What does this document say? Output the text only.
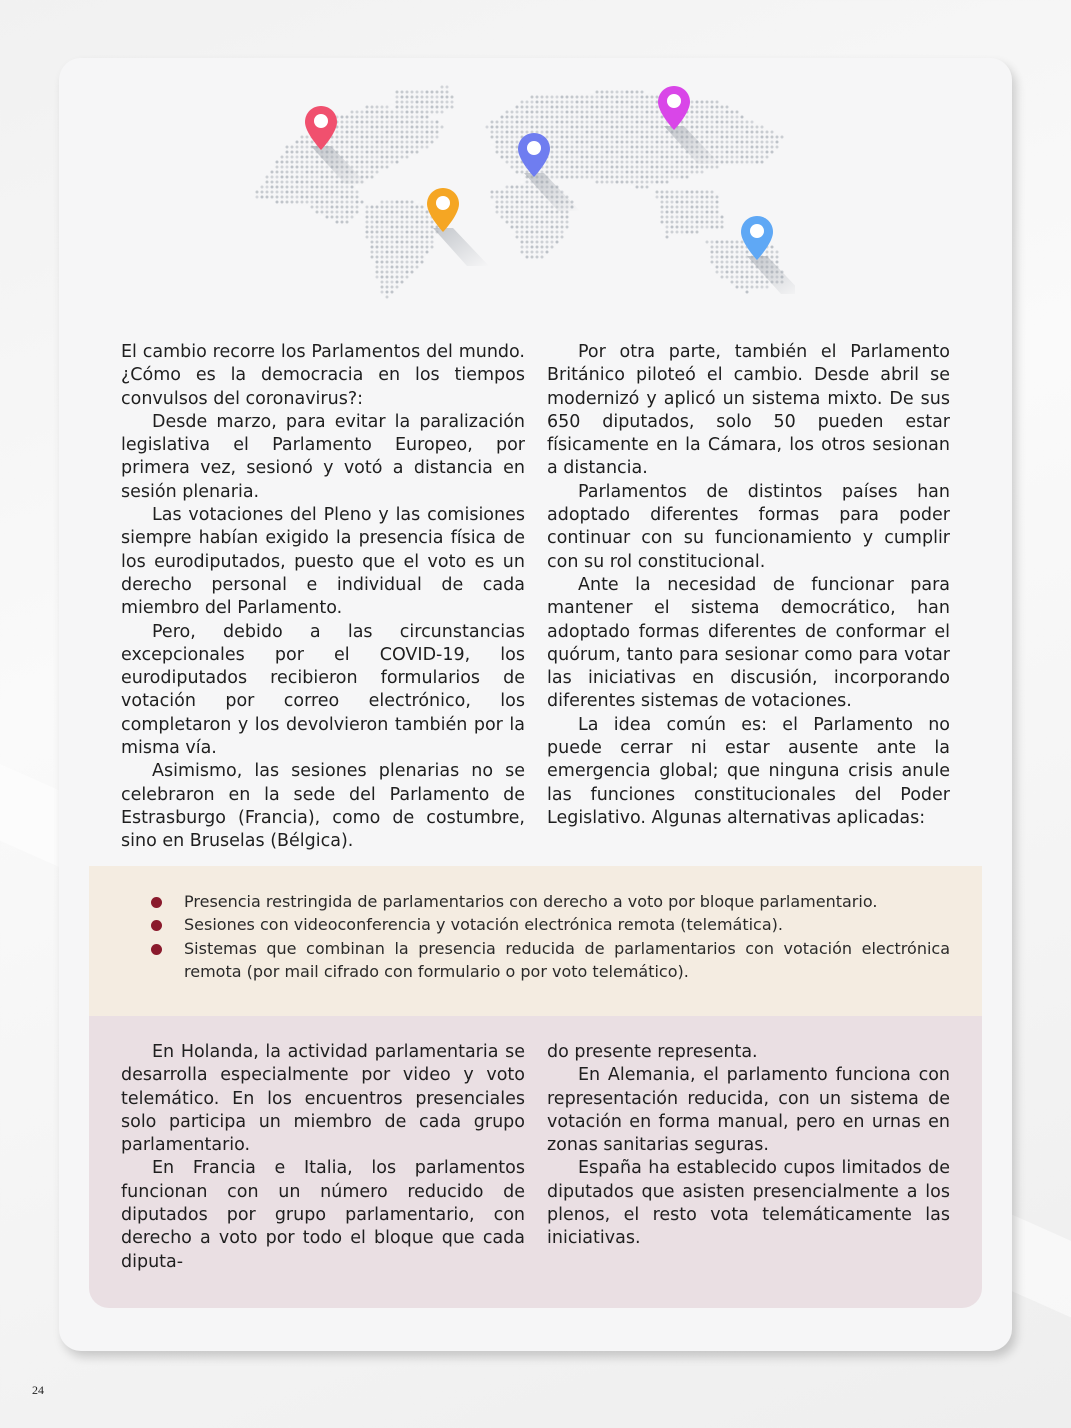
El cambio recorre los Parlamentos del mundo. ¿Cómo es la democracia en los tiempos convulsos del coronavirus?:

Desde marzo, para evitar la paralización legislativa el Parlamento Europeo, por primera vez, sesionó y votó a distancia en sesión plenaria.

Las votaciones del Pleno y las comisiones siempre habían exigido la presencia física de los eurodiputados, puesto que el voto es un derecho personal e individual de cada miembro del Parlamento.

Pero, debido a las circunstancias excepcionales por el COVID-19, los eurodiputados recibieron formularios de votación por correo electrónico, los completaron y los devolvieron también por la misma vía.

Asimismo, las sesiones plenarias no se celebraron en la sede del Parlamento de Estrasburgo (Francia), como de costumbre, sino en Bruselas (Bélgica).

Por otra parte, también el Parlamento Británico piloteó el cambio. Desde abril se modernizó y aplicó un sistema mixto. De sus 650 diputados, solo 50 pueden estar físicamente en la Cámara, los otros sesionan a distancia.

Parlamentos de distintos países han adoptado diferentes formas para poder continuar con su funcionamiento y cumplir con su rol constitucional.

Ante la necesidad de funcionar para mantener el sistema democrático, han adoptado formas diferentes de conformar el quórum, tanto para sesionar como para votar las iniciativas en discusión, incorporando diferentes sistemas de votaciones.

La idea común es: el Parlamento no puede cerrar ni estar ausente ante la emergencia global; que ninguna crisis anule las funciones constitucionales del Poder Legislativo. Algunas alternativas aplicadas:

Presencia restringida de parlamentarios con derecho a voto por bloque parlamentario.
Sesiones con videoconferencia y votación electrónica remota (telemática).
Sistemas que combinan la presencia reducida de parlamentarios con votación electrónica remota (por mail cifrado con formulario o por voto telemático).

En Holanda, la actividad parlamentaria se desarrolla especialmente por video y voto telemático. En los encuentros presenciales solo participa un miembro de cada grupo parlamentario.

En Francia e Italia, los parlamentos funcionan con un número reducido de diputados por grupo parlamentario, con derecho a voto por todo el bloque que cada diputa-

do presente representa.

En Alemania, el parlamento funciona con representación reducida, con un sistema de votación en forma manual, pero en urnas en zonas sanitarias seguras.

España ha establecido cupos limitados de diputados que asisten presencialmente a los plenos, el resto vota telemáticamente las iniciativas.

24
